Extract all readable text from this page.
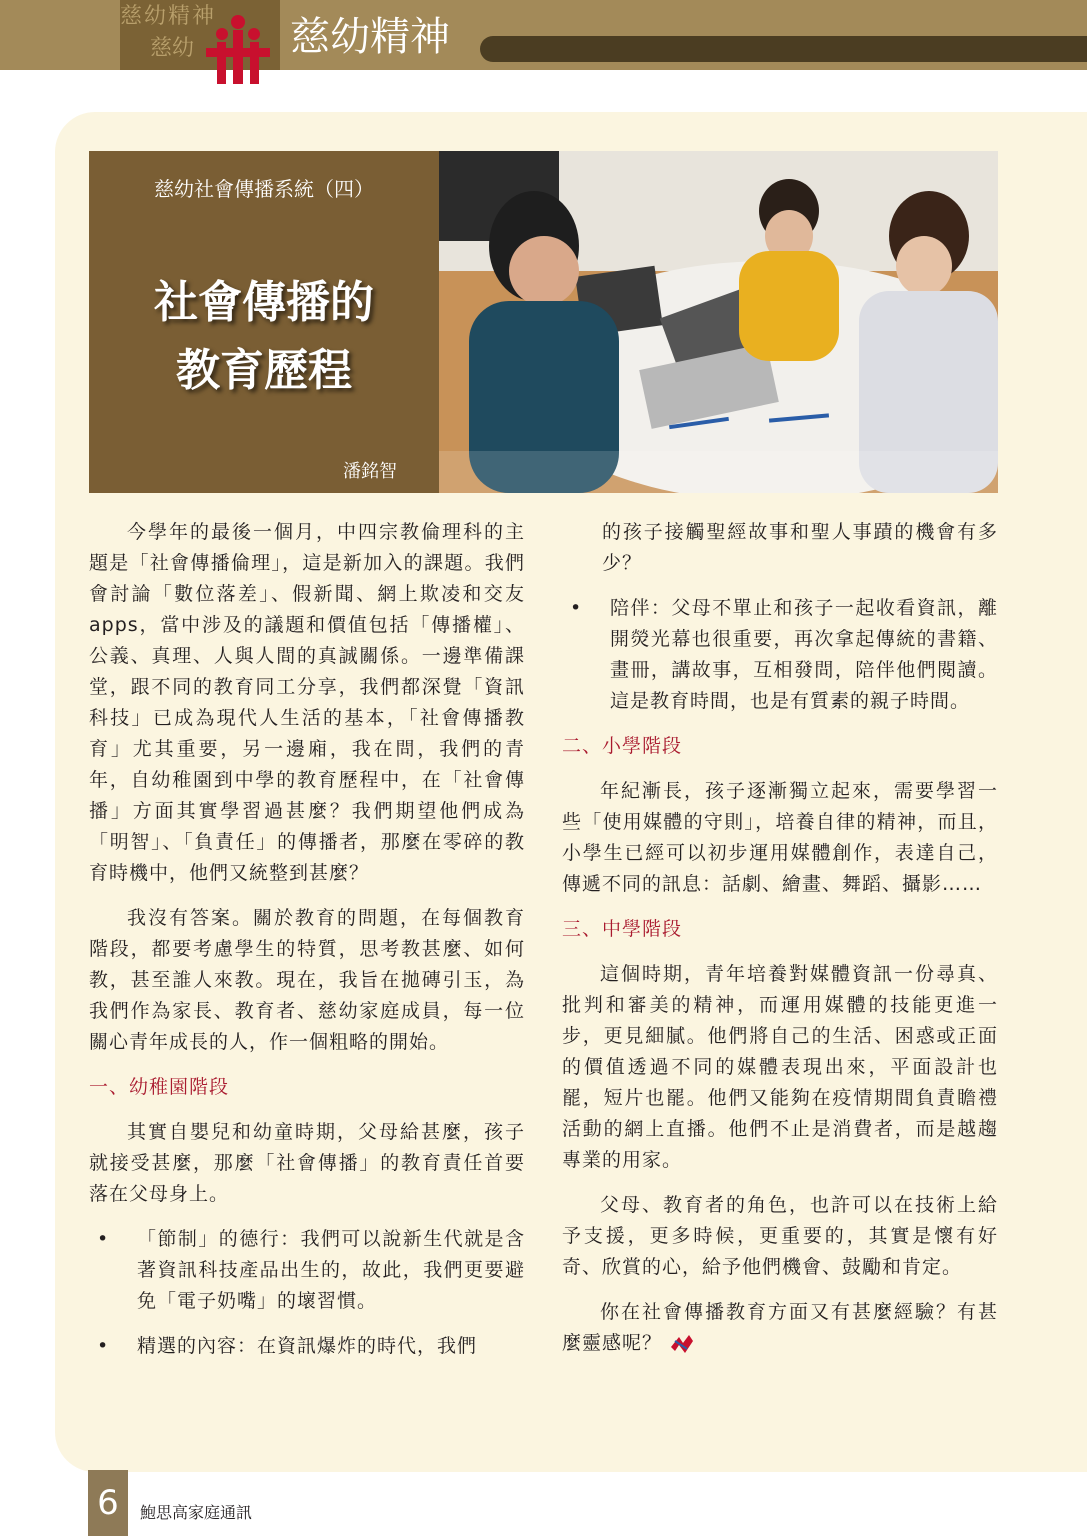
慈幼精神
慈幼 慈幼精神
慈幼社會傳播系統（四）
社會傳播的
教育歷程
潘銘智

今學年的最後一個月，中四宗教倫理科的主題是「社會傳播倫理」，這是新加入的課題。我們會討論「數位落差」、假新聞、網上欺凌和交友 apps，當中涉及的議題和價值包括「傳播權」、公義、真理、人與人間的真誠關係。一邊準備課堂，跟不同的教育同工分享，我們都深覺「資訊科技」已成為現代人生活的基本，「社會傳播教育」尤其重要，另一邊廂，我在問，我們的青年，自幼稚園到中學的教育歷程中，在「社會傳播」方面其實學習過甚麼？我們期望他們成為「明智」、「負責任」的傳播者，那麼在零碎的教育時機中，他們又統整到甚麼？

我沒有答案。關於教育的問題，在每個教育階段，都要考慮學生的特質，思考教甚麼、如何教，甚至誰人來教。現在，我旨在拋磚引玉，為我們作為家長、教育者、慈幼家庭成員，每一位關心青年成長的人，作一個粗略的開始。

一、幼稚園階段

其實自嬰兒和幼童時期，父母給甚麼，孩子就接受甚麼，那麼「社會傳播」的教育責任首要落在父母身上。

•	「節制」的德行：我們可以說新生代就是含著資訊科技產品出生的，故此，我們更要避免「電子奶嘴」的壞習慣。
•	精選的內容：在資訊爆炸的時代，我們
的孩子接觸聖經故事和聖人事蹟的機會有多少？
•	陪伴：父母不單止和孩子一起收看資訊，離開熒光幕也很重要，再次拿起傳統的書籍、畫冊，講故事，互相發問，陪伴他們閱讀。這是教育時間，也是有質素的親子時間。
二、小學階段

年紀漸長，孩子逐漸獨立起來，需要學習一些「使用媒體的守則」，培養自律的精神，而且，小學生已經可以初步運用媒體創作，表達自己，傳遞不同的訊息：話劇、繪畫、舞蹈、攝影……

三、中學階段

這個時期，青年培養對媒體資訊一份尋真、批判和審美的精神，而運用媒體的技能更進一步，更見細膩。他們將自己的生活、困惑或正面的價值透過不同的媒體表現出來，平面設計也罷，短片也罷。他們又能夠在疫情期間負責瞻禮活動的網上直播。他們不止是消費者，而是越趨專業的用家。

父母、教育者的角色，也許可以在技術上給予支援，更多時候，更重要的，其實是懷有好奇、欣賞的心，給予他們機會、鼓勵和肯定。

你在社會傳播教育方面又有甚麼經驗？有甚麼靈感呢？

6	鮑思高家庭通訊
